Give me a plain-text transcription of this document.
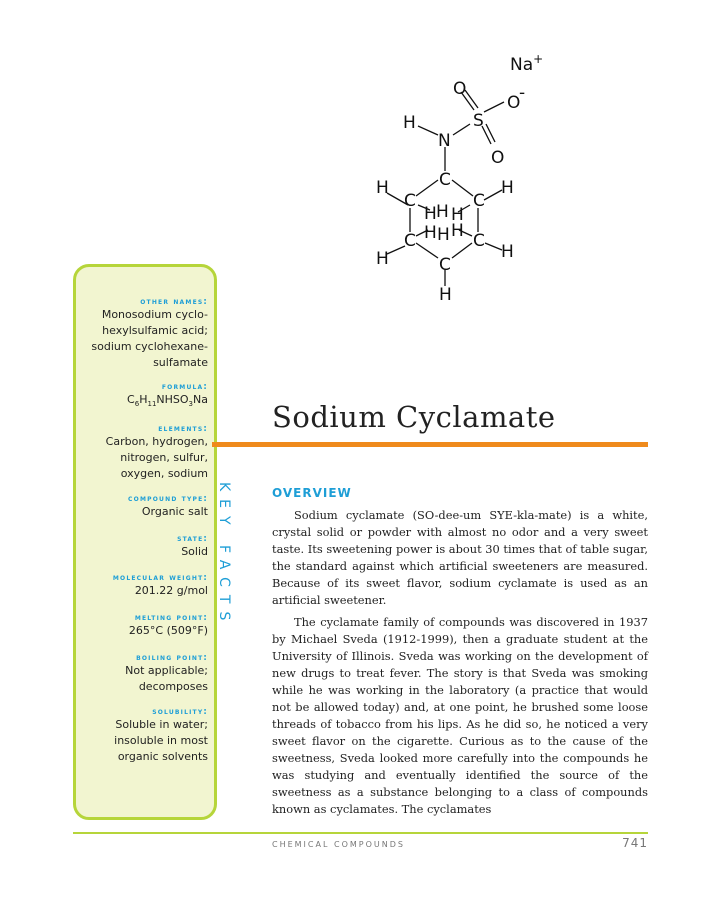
Na+
O
O
-
S
O
N
H
C
C	C
C	C
C
H	H
H H H
H H H
H	H
H
other names:
Monosodium cyclo-
hexylsulfamic acid;
sodium cyclohexane-
sulfamate
formula:
$C_6H_{11}NHSO_3Na$
elements:
Carbon, hydrogen,
nitrogen, sulfur,
oxygen, sodium
compound type:
Organic salt
state:
Solid
molecular weight:
201.22 g/mol
melting point:
265°C (509°F)
boiling point:
Not applicable;
decomposes
solubility:
Soluble in water;
insoluble in most
organic solvents
KEY FACTS
Sodium Cyclamate
OVERVIEW

Sodium cyclamate (SO-dee-um SYE-kla-mate) is a white, crystal solid or powder with almost no odor and a very sweet taste. Its sweetening power is about 30 times that of table sugar, the standard against which artificial sweeteners are measured. Because of its sweet flavor, sodium cyclamate is used as an artificial sweetener.

The cyclamate family of compounds was discovered in 1937 by Michael Sveda (1912-1999), then a graduate student at the University of Illinois. Sveda was working on the development of new drugs to treat fever. The story is that Sveda was smoking while he was working in the laboratory (a practice that would not be allowed today) and, at one point, he brushed some loose threads of tobacco from his lips. As he did so, he noticed a very sweet flavor on the cigarette. Curious as to the cause of the sweetness, Sveda looked more carefully into the compounds he was studying and eventually identified the source of the sweetness as a substance belonging to a class of compounds known as cyclamates. The cyclamates

CHEMICAL COMPOUNDS	741
